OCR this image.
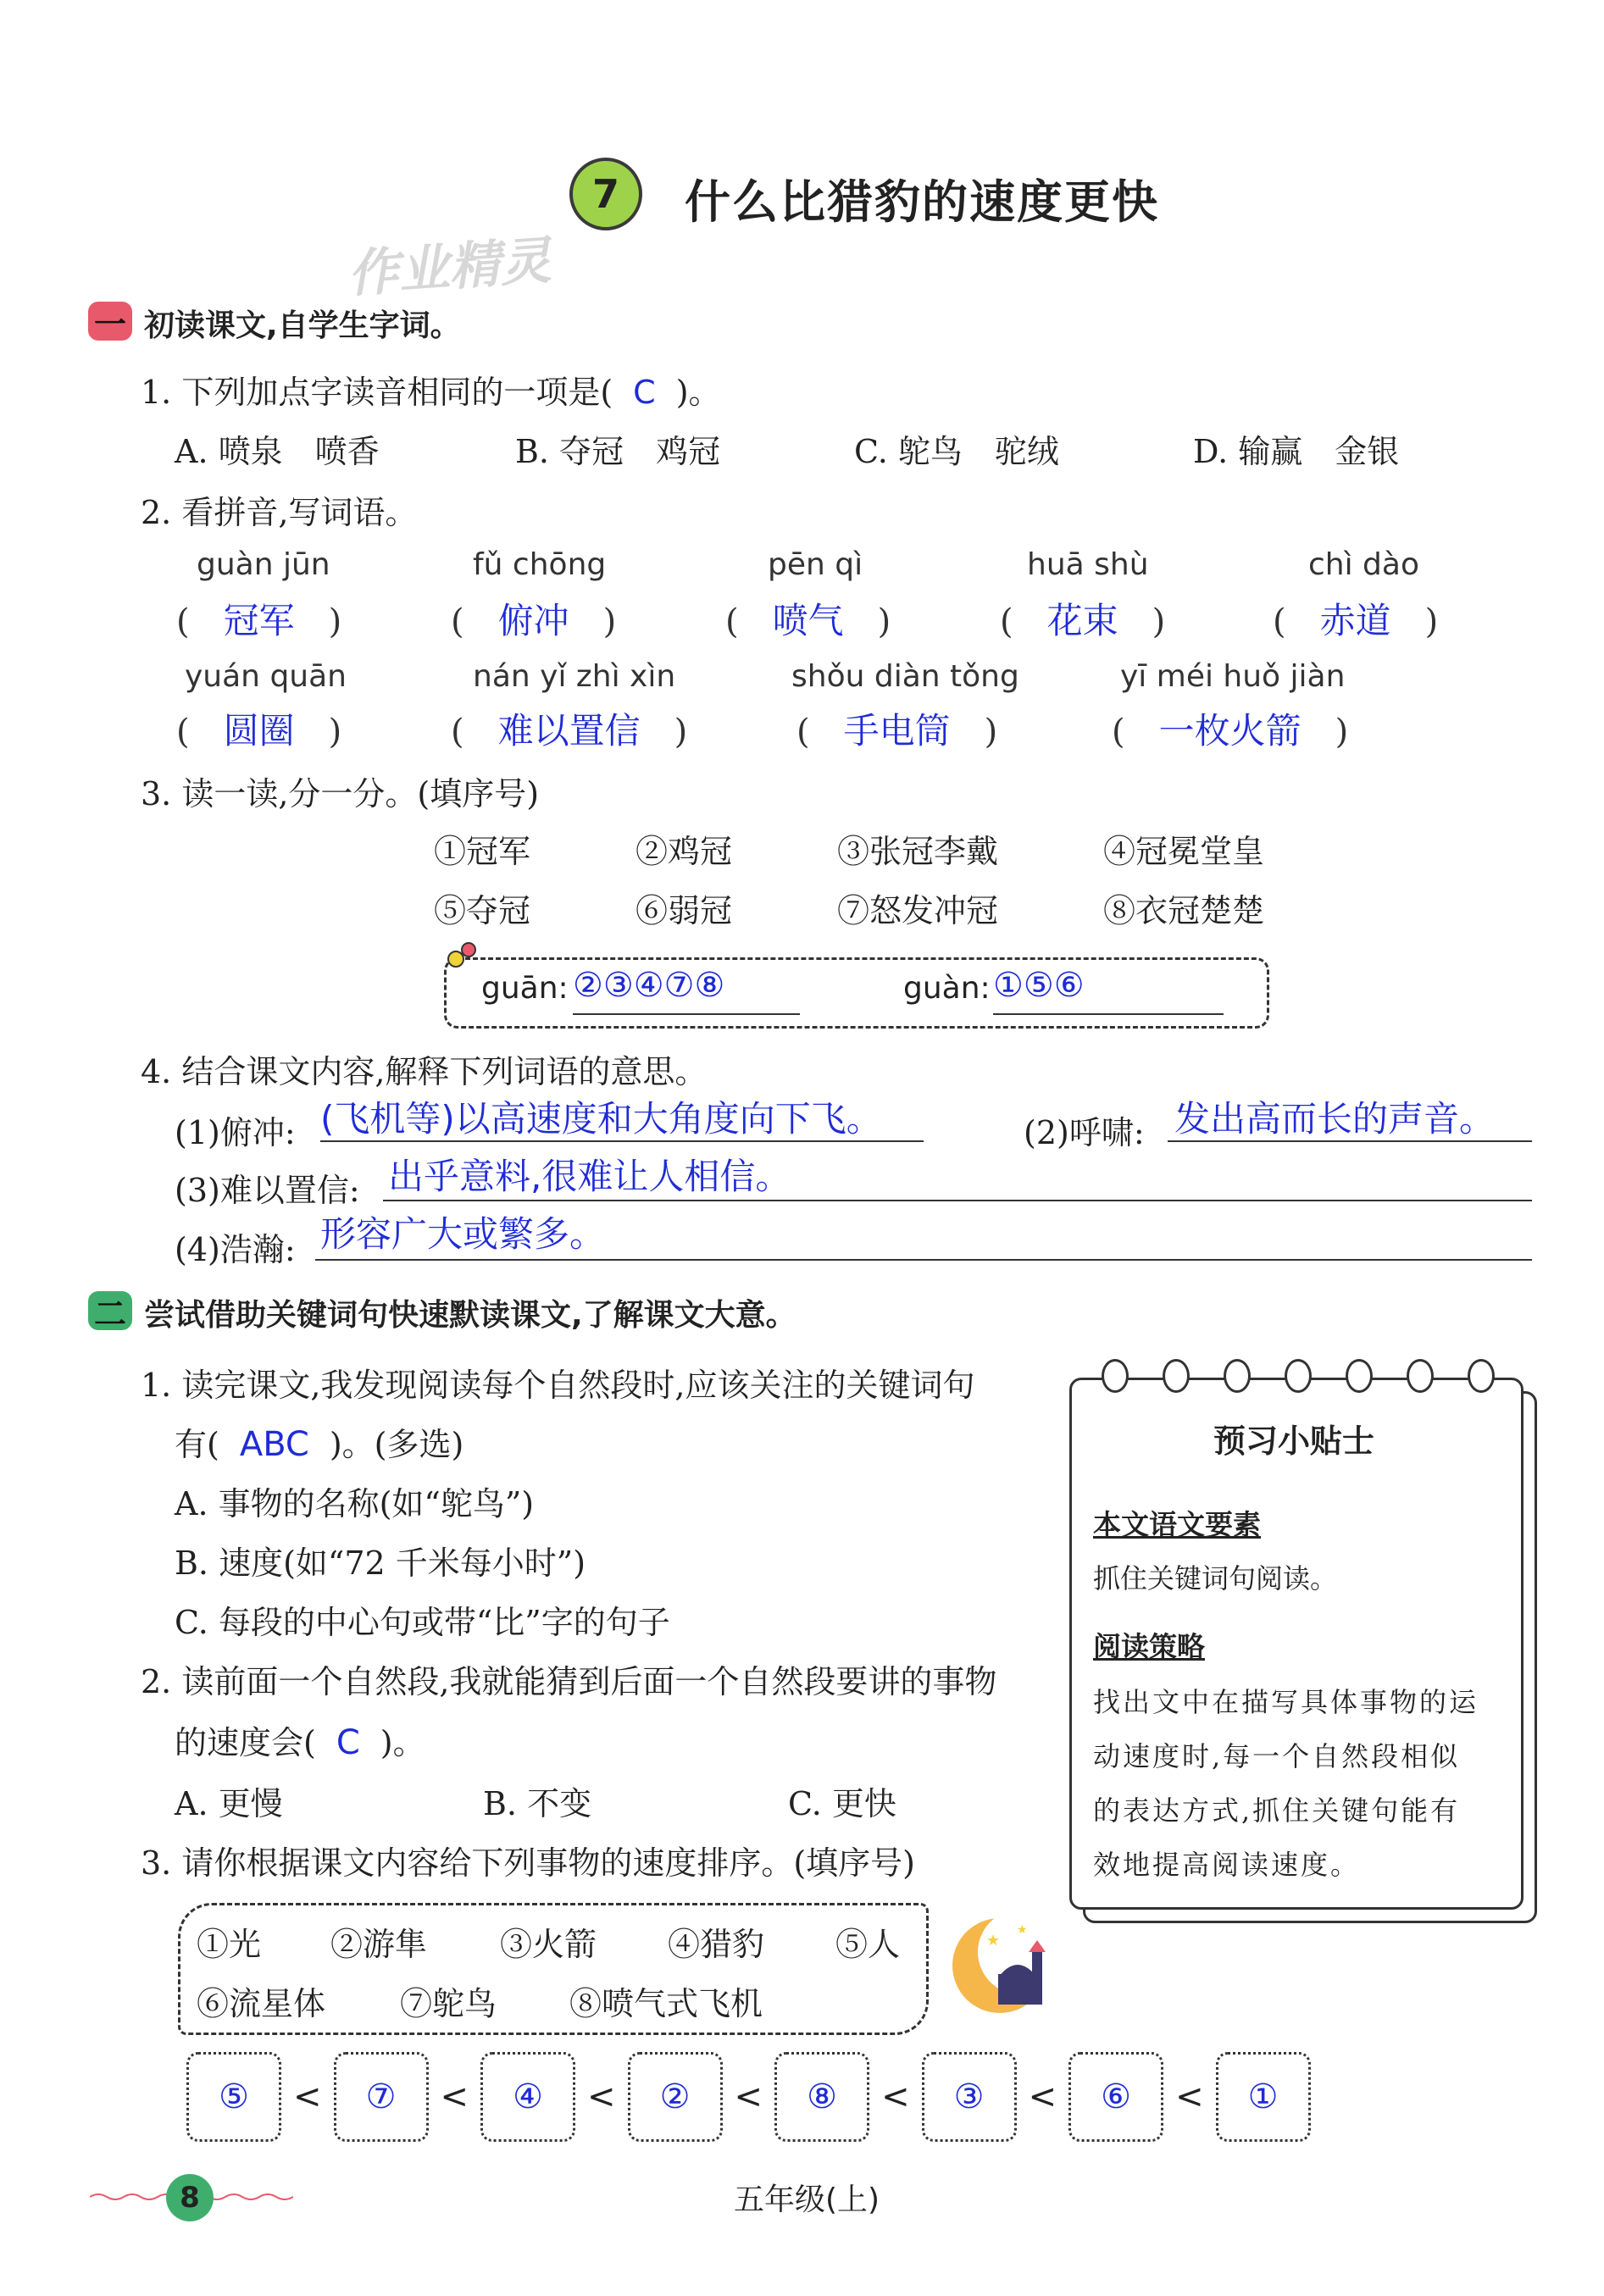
7 什么比猎豹的速度更快
作业精灵
一 初读课文,自学生字词。
1. 下列加点字读音相同的一项是( C )。
A. 喷泉　喷香	B. 夺冠　鸡冠	C. 鸵鸟　驼绒	D. 输赢　金银
2. 看拼音,写词语。
guàn jūn	fǔ chōng	pēn qì	huā shù	chì dào
(　冠军　)	(　俯冲　)	(　喷气　)	(　花束　)	(　赤道　)
yuán quān	nán yǐ zhì xìn	shǒu diàn tǒng	yī méi huǒ jiàn
(　圆圈　)	(　难以置信　)	(　手电筒　)	(　一枚火箭　)
3. 读一读,分一分。(填序号)
①冠军	②鸡冠	③张冠李戴	④冠冕堂皇
⑤夺冠	⑥弱冠	⑦怒发冲冠	⑧衣冠楚楚
guān: ②③④⑦⑧	guàn: ①⑤⑥
4. 结合课文内容,解释下列词语的意思。
(1)俯冲: (飞机等)以高速度和大角度向下飞。	(2)呼啸: 发出高而长的声音。
(3)难以置信: 出乎意料,很难让人相信。
(4)浩瀚: 形容广大或繁多。
二 尝试借助关键词句快速默读课文,了解课文大意。
1. 读完课文,我发现阅读每个自然段时,应该关注的关键词句
有( ABC )。(多选)
A. 事物的名称(如“鸵鸟”)
B. 速度(如“72 千米每小时”)
C. 每段的中心句或带“比”字的句子
2. 读前面一个自然段,我就能猜到后面一个自然段要讲的事物
的速度会( C )。
A. 更慢	B. 不变	C. 更快
3. 请你根据课文内容给下列事物的速度排序。(填序号)
①光 ②游隼 ③火箭 ④猎豹 ⑤人
⑥流星体 ⑦鸵鸟 ⑧喷气式飞机
★
★
⑤	<	⑦	<	④	<	②	<	⑧	<	③	<	⑥	<	①
预习小贴士
本文语文要素
抓住关键词句阅读。
阅读策略
找出文中在描写具体事物的运
动速度时,每一个自然段相似
的表达方式,抓住关键句能有
效地提高阅读速度。
8	五年级(上)
